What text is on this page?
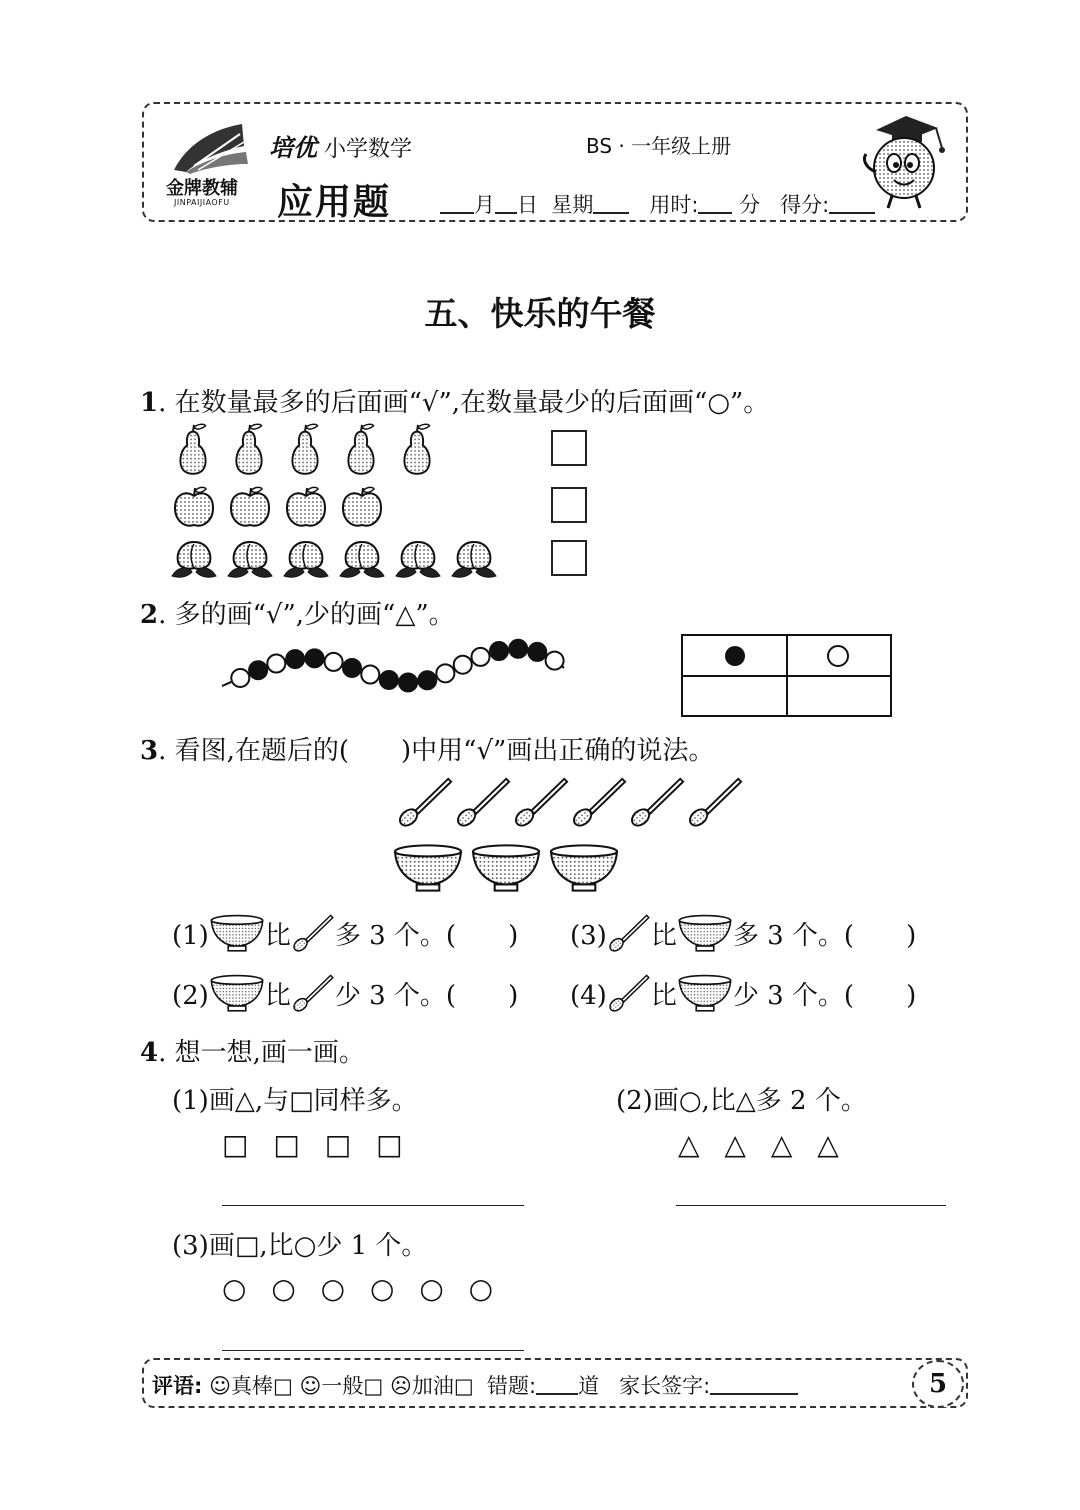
金牌教辅
JINPAIJIAOFU
培优 小学数学	BS · 一年级上册
应用题	月 日 星期	用时: 分 得分:
五、快乐的午餐
1. 在数量最多的后面画“√”,在数量最少的后面画“○”。
2. 多的画“√”,少的画“△”。
3. 看图,在题后的(　　)中用“√”画出正确的说法。
(1) 比 多 3 个。(　　) (3) 比 多 3 个。(　　)
(2) 比 少 3 个。(　　) (4) 比 少 3 个。(　　)
4. 想一想,画一画。
(1)画△,与□同样多。
□ □ □ □
(2)画○,比△多 2 个。
△ △ △ △
(3)画□,比○少 1 个。
○ ○ ○ ○ ○ ○
评语: ☺真棒□ ☺一般□ ☹加油□ 错题: 道 家长签字:	5
